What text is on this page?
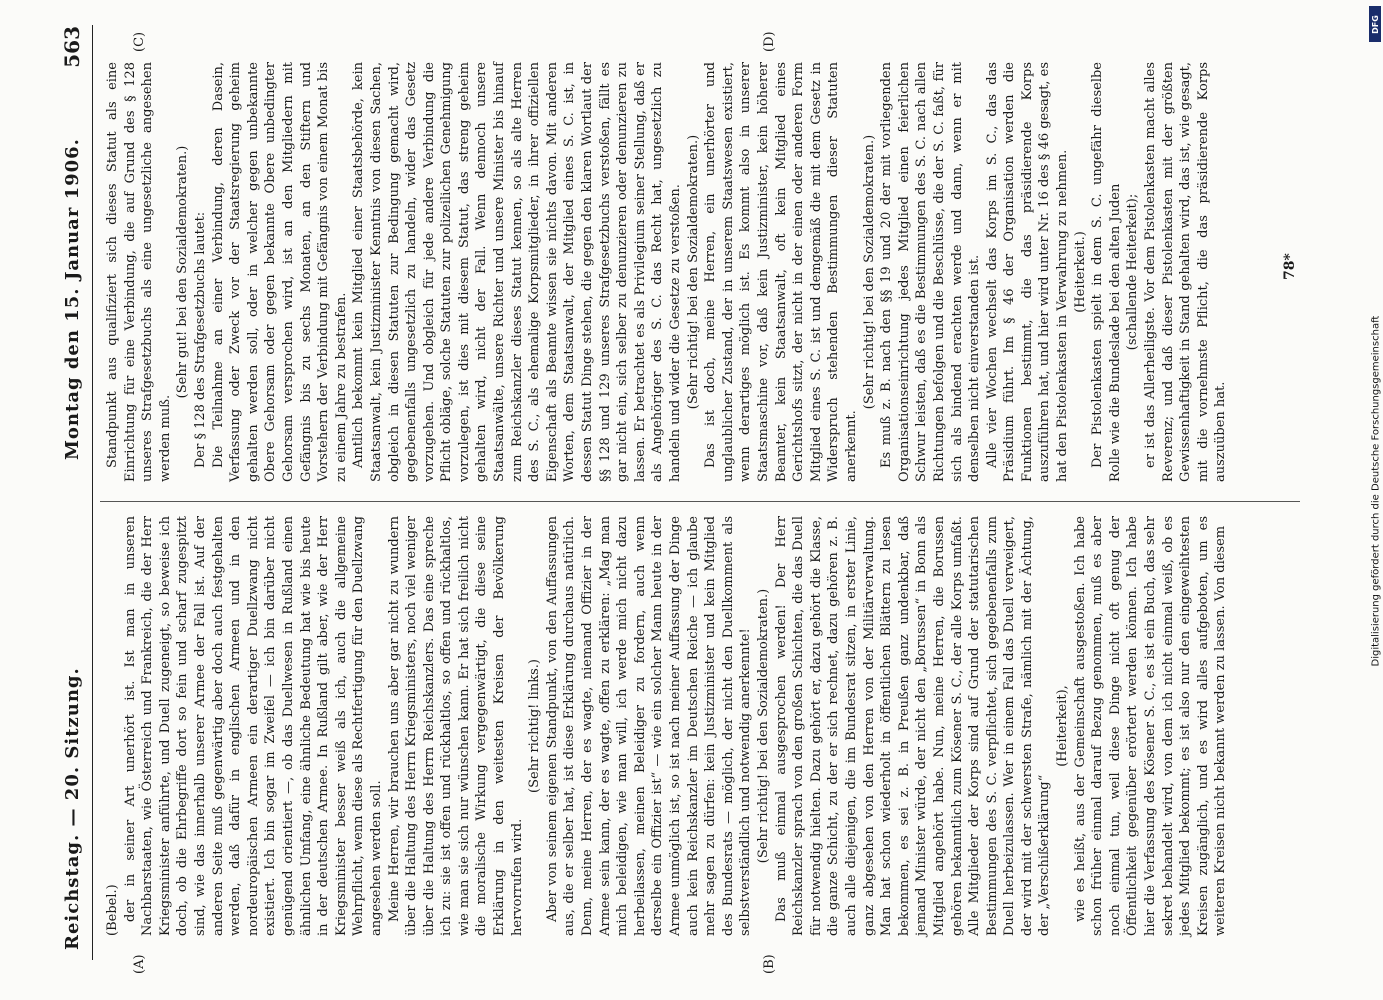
Reichstag. — 20. Sitzung.
Montag den 15. Januar 1906.
563
(A)	(B)
(C)	(D)

(Bebel.) der in seiner Art unerhört ist. Ist man in unseren Nachbarstaaten, wie Österreich und Frankreich, die der Herr Kriegsminister anführte, und Duell zugeneigt, so beweise ich doch, ob die Ehrbegriffe dort so fein und scharf zugespitzt sind, wie das innerhalb unserer Armee der Fall ist. Auf der anderen Seite muß gegenwärtig aber doch auch festgehalten werden, daß dafür in englischen Armeen und in den nordeuropäischen Armeen ein derartiger Duellzwang nicht existiert. Ich bin sogar im Zweifel — ich bin darüber nicht genügend orientiert —, ob das Duellwesen in Rußland einen ähnlichen Umfang, eine ähnliche Bedeutung hat wie bis heute in der deutschen Armee. In Rußland gilt aber, wie der Herr Kriegsminister besser weiß als ich, auch die allgemeine Wehrpflicht, wenn diese als Rechtfertigung für den Duellzwang angesehen werden soll. Meine Herren, wir brauchen uns aber gar nicht zu wundern über die Haltung des Herrn Kriegsministers, noch viel weniger über die Haltung des Herrn Reichskanzlers. Das eine spreche ich zu: sie ist offen und rückhaltlos, so offen und rückhaltlos, wie man sie sich nur wünschen kann. Er hat sich freilich nicht die moralische Wirkung vergegenwärtigt, die diese seine Erklärung in den weitesten Kreisen der Bevölkerung hervorrufen wird.

(Sehr richtig! links.) Aber von seinem eigenen Standpunkt, von den Auffassungen aus, die er selber hat, ist diese Erklärung durchaus natürlich. Denn, meine Herren, der es wagte, niemand Offizier in der Armee sein kann, der es wagte, offen zu erklären: „Mag man mich beleidigen, wie man will, ich werde mich nicht dazu herbeilassen, meinen Beleidiger zu fordern, auch wenn derselbe ein Offizier ist“ — wie ein solcher Mann heute in der Armee unmöglich ist, so ist nach meiner Auffassung der Dinge auch kein Reichskanzler im Deutschen Reiche — ich glaube mehr sagen zu dürfen: kein Justizminister und kein Mitglied des Bundesrats — möglich, der nicht den Duellkomment als selbstverständlich und notwendig anerkennte! (Sehr richtig! bei den Sozialdemokraten.) Das muß einmal ausgesprochen werden! Der Herr Reichskanzler sprach von den großen Schichten, die das Duell für notwendig hielten. Dazu gehört er, dazu gehört die Klasse, die ganze Schicht, zu der er sich rechnet, dazu gehören z. B. auch alle diejenigen, die im Bundesrat sitzen, in erster Linie, ganz abgesehen von den Herren von der Militärverwaltung. Man hat schon wiederholt in öffentlichen Blättern zu lesen bekommen, es sei z. B. in Preußen ganz undenkbar, daß jemand Minister würde, der nicht den „Borussen“ in Bonn als Mitglied angehört habe. Nun, meine Herren, die Borussen gehören bekanntlich zum Kösener S. C., der alle Korps umfaßt. Alle Mitglieder der Korps sind auf Grund der statutarischen Bestimmungen des S. C. verpflichtet, sich gegebenenfalls zum Duell herbeizulassen. Wer in einem Fall das Duell verweigert, der wird mit der schwersten Strafe, nämlich mit der Ächtung, der „Verschißerklärung“

(Heiterkeit), wie es heißt, aus der Gemeinschaft ausgestoßen. Ich habe schon früher einmal darauf Bezug genommen, muß es aber noch einmal tun, weil diese Dinge nicht oft genug der Öffentlichkeit gegenüber erörtert werden können. Ich habe hier die Verfassung des Kösener S. C., es ist ein Buch, das sehr sekret behandelt wird, von dem ich nicht einmal weiß, ob es jedes Mitglied bekommt; es ist also nur den eingeweihtesten Kreisen zugänglich, und es wird alles aufgeboten, um es weiteren Kreisen nicht bekannt werden zu lassen. Von diesem

Standpunkt aus qualifiziert sich dieses Statut als eine Einrichtung für eine Verbindung, die auf Grund des § 128 unseres Strafgesetzbuchs als eine ungesetzliche angesehen werden muß.

(Sehr gut! bei den Sozialdemokraten.) Der § 128 des Strafgesetzbuchs lautet: Die Teilnahme an einer Verbindung, deren Dasein, Verfassung oder Zweck vor der Staatsregierung geheim gehalten werden soll, oder in welcher gegen unbekannte Obere Gehorsam oder gegen bekannte Obere unbedingter Gehorsam versprochen wird, ist an den Mitgliedern mit Gefängnis bis zu sechs Monaten, an den Stiftern und Vorstehern der Verbindung mit Gefängnis von einem Monat bis zu einem Jahre zu bestrafen. Amtlich bekommt kein Mitglied einer Staatsbehörde, kein Staatsanwalt, kein Justizminister Kenntnis von diesen Sachen, obgleich in diesen Statuten zur Bedingung gemacht wird, gegebenenfalls ungesetzlich zu handeln, wider das Gesetz vorzugehen. Und obgleich für jede andere Verbindung die Pflicht obläge, solche Statuten zur polizeilichen Genehmigung vorzulegen, ist dies mit diesem Statut, das streng geheim gehalten wird, nicht der Fall. Wenn dennoch unsere Staatsanwälte, unsere Richter und unsere Minister bis hinauf zum Reichskanzler dieses Statut kennen, so als alte Herren des S. C., als ehemalige Korpsmitglieder, in ihrer offiziellen Eigenschaft als Beamte wissen sie nichts davon. Mit anderen Worten, dem Staatsanwalt, der Mitglied eines S. C. ist, in dessen Statut Dinge stehen, die gegen den klaren Wortlaut der §§ 128 und 129 unseres Strafgesetzbuchs verstoßen, fällt es gar nicht ein, sich selber zu denunzieren oder denunzieren zu lassen. Er betrachtet es als Privilegium seiner Stellung, daß er als Angehöriger des S. C. das Recht hat, ungesetzlich zu handeln und wider die Gesetze zu verstoßen. (Sehr richtig! bei den Sozialdemokraten.) Das ist doch, meine Herren, ein unerhörter und unglaublicher Zustand, der in unserem Staatswesen existiert, wenn derartiges möglich ist. Es kommt also in unserer Staatsmaschine vor, daß kein Justizminister, kein höherer Beamter, kein Staatsanwalt, oft kein Mitglied eines Gerichtshofs sitzt, der nicht in der einen oder anderen Form Mitglied eines S. C. ist und demgemäß die mit dem Gesetz in Widerspruch stehenden Bestimmungen dieser Statuten anerkennt.

(Sehr richtig! bei den Sozialdemokraten.) Es muß z. B. nach den §§ 19 und 20 der mit vorliegenden Organisationseinrichtung jedes Mitglied einen feierlichen Schwur leisten, daß es die Bestimmungen des S. C. nach allen Richtungen befolgen und die Beschlüsse, die der S. C. faßt, für sich als bindend erachten werde und dann, wenn er mit denselben nicht einverstanden ist. Alle vier Wochen wechselt das Korps im S. C., das das Präsidium führt. Im § 46 der Organisation werden die Funktionen bestimmt, die das präsidierende Korps auszuführen hat, und hier wird unter Nr. 16 des § 46 gesagt, es hat den Pistolenkasten in Verwahrung zu nehmen. (Heiterkeit.) Der Pistolenkasten spielt in dem S. C. ungefähr dieselbe Rolle wie die Bundeslade bei den alten Juden (schallende Heiterkeit); er ist das Allerheiligste. Vor dem Pistolenkasten macht alles Reverenz; und daß dieser Pistolenkasten mit der größten Gewissenhaftigkeit in Stand gehalten wird, das ist, wie gesagt, mit die vornehmste Pflicht, die das präsidierende Korps auszuüben hat.

78*
Digitalisierung gefördert durch die Deutsche Forschungsgemeinschaft
DFG
